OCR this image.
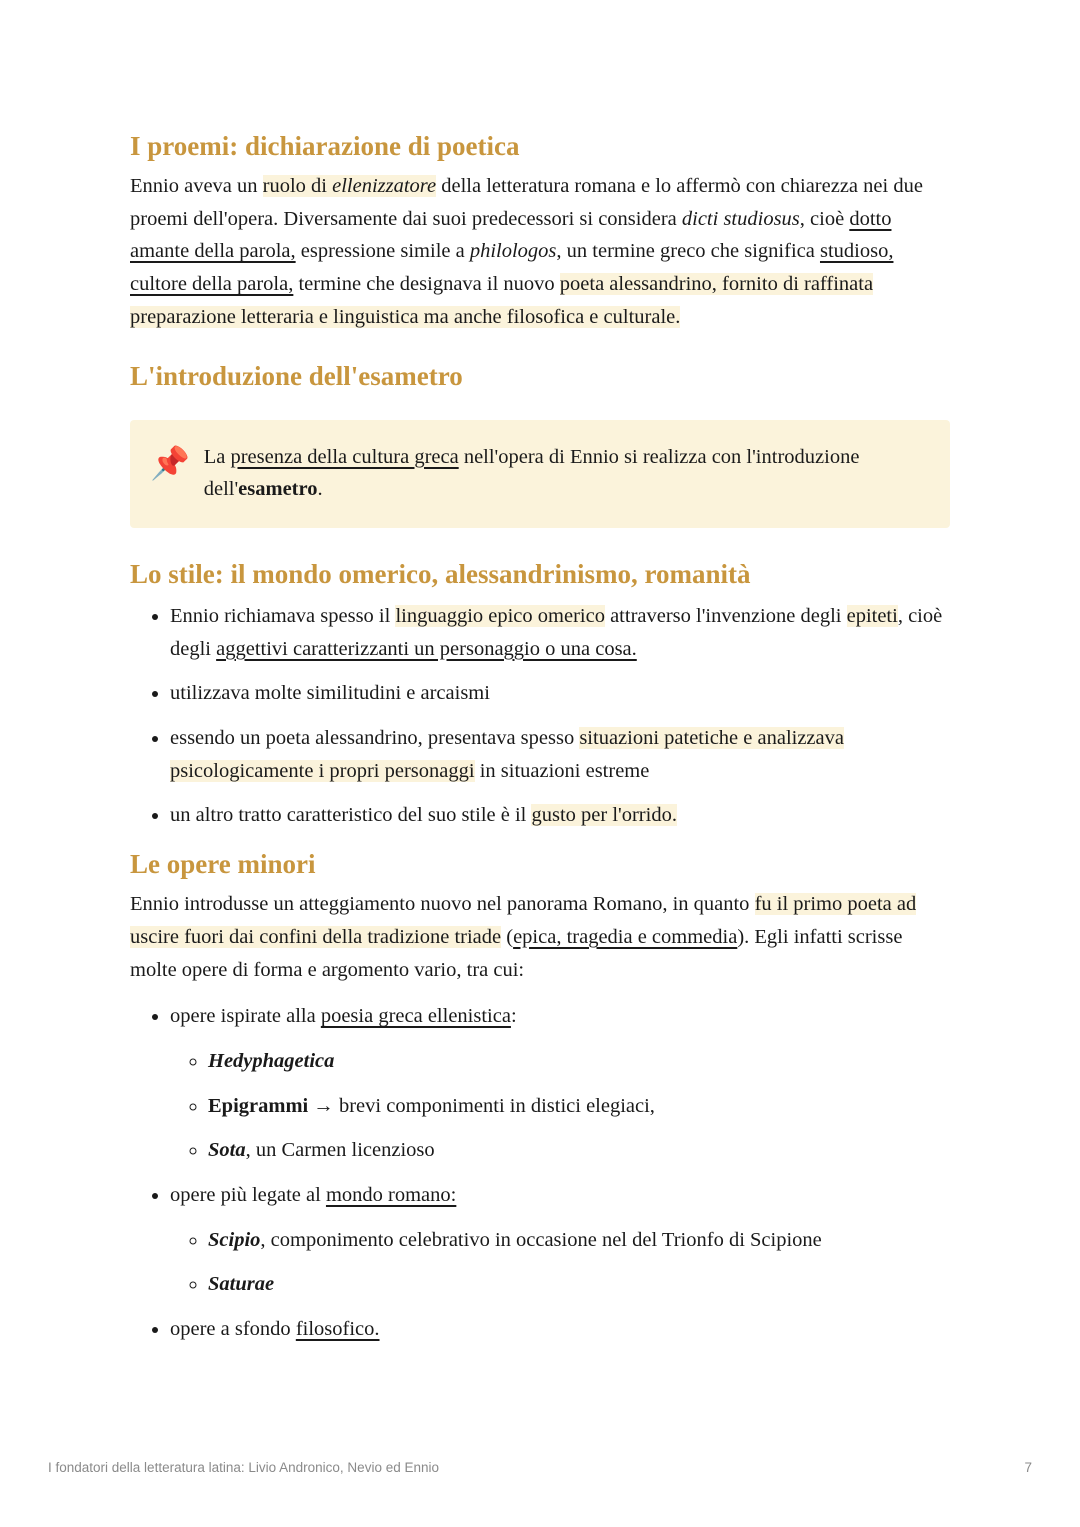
I proemi: dichiarazione di poetica

Ennio aveva un ruolo di ellenizzatore della letteratura romana e lo affermò con chiarezza nei due proemi dell'opera. Diversamente dai suoi predecessori si considera dicti studiosus, cioè dotto amante della parola, espressione simile a philologos, un termine greco che significa studioso, cultore della parola, termine che designava il nuovo poeta alessandrino, fornito di raffinata preparazione letteraria e linguistica ma anche filosofica e culturale.

L'introduzione dell'esametro
📌 La presenza della cultura greca nell'opera di Ennio si realizza con l'introduzione dell'esametro.

Lo stile: il mondo omerico, alessandrinismo, romanità
• Ennio richiamava spesso il linguaggio epico omerico attraverso l'invenzione degli epiteti, cioè degli aggettivi caratterizzanti un personaggio o una cosa.
• utilizzava molte similitudini e arcaismi
• essendo un poeta alessandrino, presentava spesso situazioni patetiche e analizzava psicologicamente i propri personaggi in situazioni estreme
• un altro tratto caratteristico del suo stile è il gusto per l'orrido.
Le opere minori

Ennio introdusse un atteggiamento nuovo nel panorama Romano, in quanto fu il primo poeta ad uscire fuori dai confini della tradizione triade (epica, tragedia e commedia). Egli infatti scrisse molte opere di forma e argomento vario, tra cui:

• opere ispirate alla poesia greca ellenistica:
◦ Hedyphagetica
◦ Epigrammi → brevi componimenti in distici elegiaci,
◦ Sota, un Carmen licenzioso
• opere più legate al mondo romano:
◦ Scipio, componimento celebrativo in occasione nel del Trionfo di Scipione
◦ Saturae
• opere a sfondo filosofico.
I fondatori della letteratura latina: Livio Andronico, Nevio ed Ennio	7
